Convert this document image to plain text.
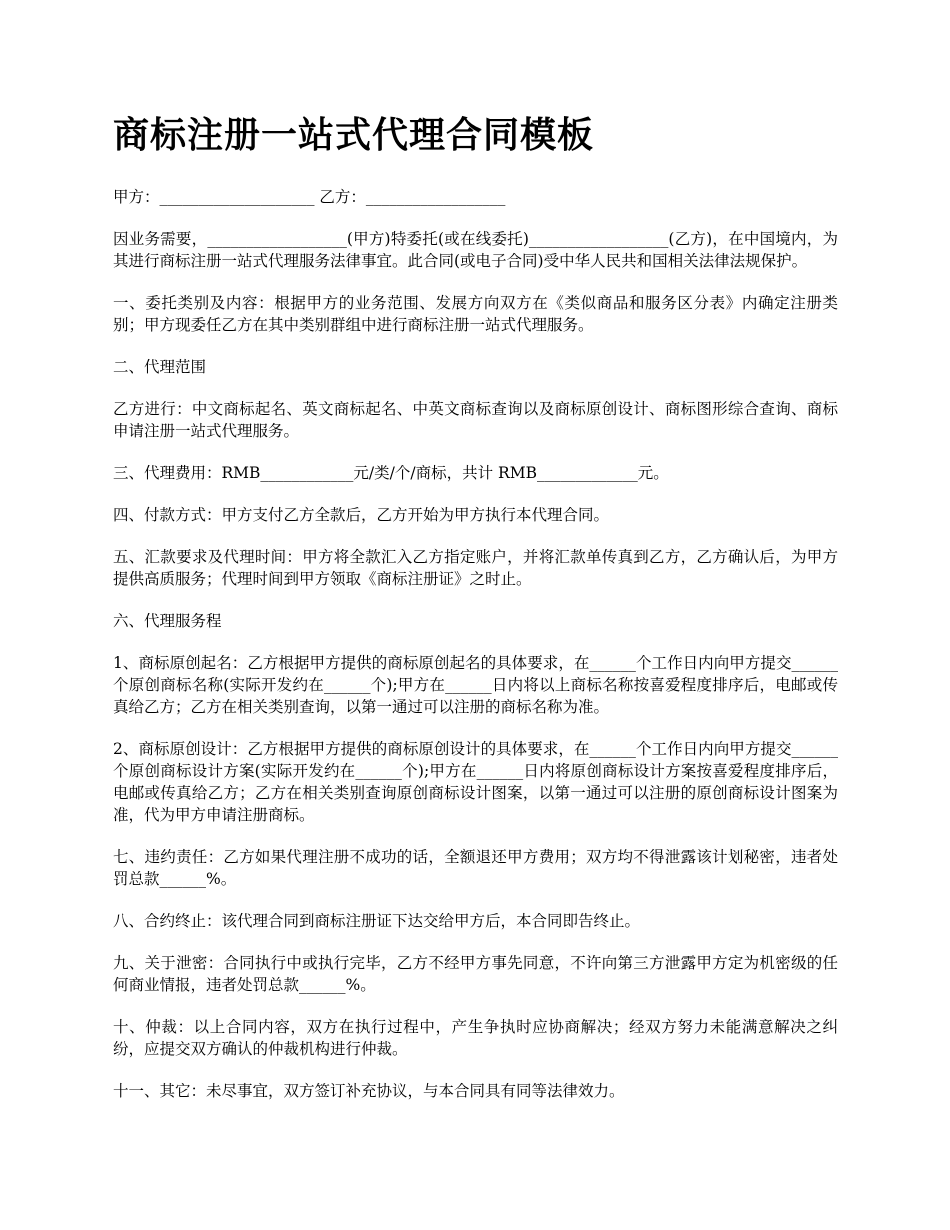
商标注册一站式代理合同模板

甲方：____________________ 乙方：__________________

因业务需要，__________________(甲方)特委托(或在线委托)__________________(乙方)，在中国境内，为其进行商标注册一站式代理服务法律事宜。此合同(或电子合同)受中华人民共和国相关法律法规保护。

一、委托类别及内容：根据甲方的业务范围、发展方向双方在《类似商品和服务区分表》内确定注册类别；甲方现委任乙方在其中类别群组中进行商标注册一站式代理服务。

二、代理范围

乙方进行：中文商标起名、英文商标起名、中英文商标查询以及商标原创设计、商标图形综合查询、商标申请注册一站式代理服务。

三、代理费用：RMB____________元/类/个/商标，共计 RMB_____________元。

四、付款方式：甲方支付乙方全款后，乙方开始为甲方执行本代理合同。

五、汇款要求及代理时间：甲方将全款汇入乙方指定账户，并将汇款单传真到乙方，乙方确认后，为甲方提供高质服务；代理时间到甲方领取《商标注册证》之时止。

六、代理服务程

1、商标原创起名：乙方根据甲方提供的商标原创起名的具体要求，在______个工作日内向甲方提交______个原创商标名称(实际开发约在______个);甲方在______日内将以上商标名称按喜爱程度排序后，电邮或传真给乙方；乙方在相关类别查询，以第一通过可以注册的商标名称为准。

2、商标原创设计：乙方根据甲方提供的商标原创设计的具体要求，在______个工作日内向甲方提交______个原创商标设计方案(实际开发约在______个);甲方在______日内将原创商标设计方案按喜爱程度排序后，电邮或传真给乙方；乙方在相关类别查询原创商标设计图案，以第一通过可以注册的原创商标设计图案为准，代为甲方申请注册商标。

七、违约责任：乙方如果代理注册不成功的话，全额退还甲方费用；双方均不得泄露该计划秘密，违者处罚总款______%。

八、合约终止：该代理合同到商标注册证下达交给甲方后，本合同即告终止。

九、关于泄密：合同执行中或执行完毕，乙方不经甲方事先同意，不许向第三方泄露甲方定为机密级的任何商业情报，违者处罚总款______%。

十、仲裁：以上合同内容，双方在执行过程中，产生争执时应协商解决；经双方努力未能满意解决之纠纷，应提交双方确认的仲裁机构进行仲裁。

十一、其它：未尽事宜，双方签订补充协议，与本合同具有同等法律效力。
